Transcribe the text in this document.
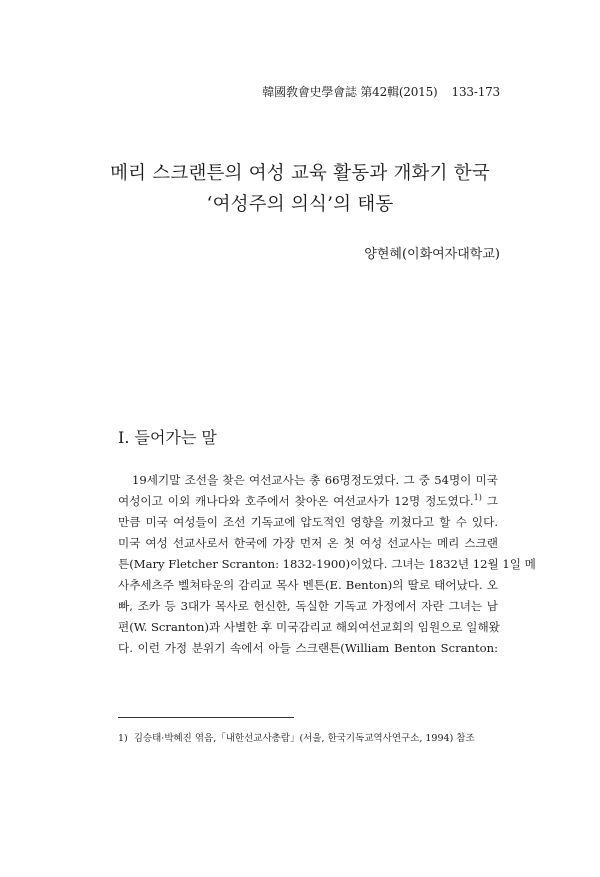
韓國敎會史學會誌 第42輯(2015) 133-173
메리 스크랜튼의 여성 교육 활동과 개화기 한국
‘여성주의 의식’의 태동
양현혜(이화여자대학교)
I. 들어가는 말
19세기말 조선을 찾은 여선교사는 총 66명정도였다. 그 중 54명이 미국
여성이고 이외 캐나다와 호주에서 찾아온 여선교사가 12명 정도였다.$^{1)}$ 그
만큼 미국 여성들이 조선 기독교에 압도적인 영향을 끼쳤다고 할 수 있다.
미국 여성 선교사로서 한국에 가장 먼저 온 첫 여성 선교사는 메리 스크랜
튼(Mary Fletcher Scranton: 1832-1900)이었다. 그녀는 1832년 12월 1일 메
사추세츠주 벨쳐타운의 감리교 목사 벤튼(E. Benton)의 딸로 태어났다. 오
빠, 조카 등 3대가 목사로 헌신한, 독실한 기독교 가정에서 자란 그녀는 남
편(W. Scranton)과 사별한 후 미국감리교 해외여선교회의 임원으로 일해왔
다. 이런 가정 분위기 속에서 아들 스크랜튼(William Benton Scranton:
1) 김승태·박혜진 엮음,「내한선교사총람」(서울, 한국기독교역사연구소, 1994) 참조
